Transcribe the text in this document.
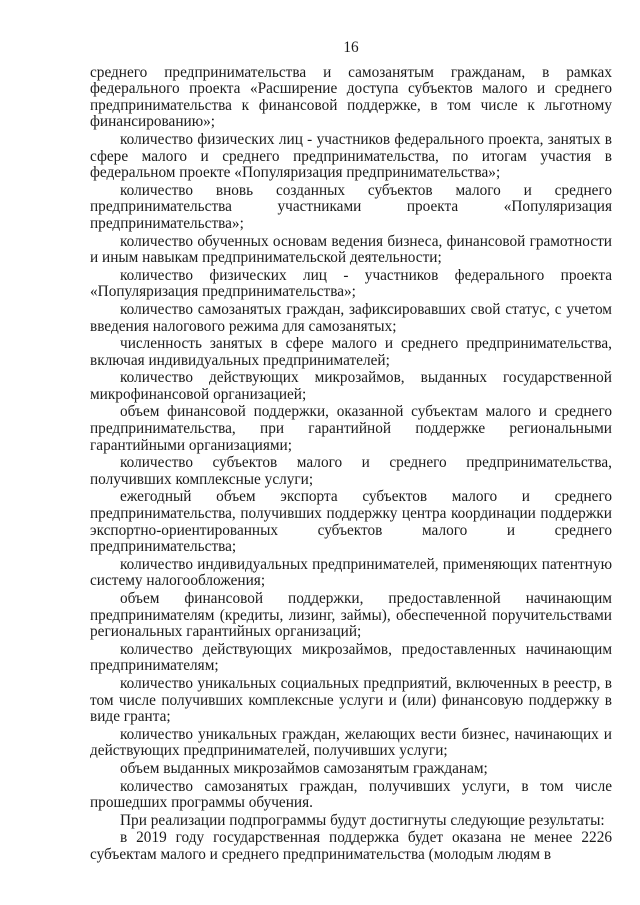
16

среднего предпринимательства и самозанятым гражданам, в рамках федерального проекта «Расширение доступа субъектов малого и среднего предпринимательства к финансовой поддержке, в том числе к льготному финансированию»;

количество физических лиц - участников федерального проекта, занятых в сфере малого и среднего предпринимательства, по итогам участия в федеральном проекте «Популяризация предпринимательства»;

количество вновь созданных субъектов малого и среднего предпринимательства участниками проекта «Популяризация предпринимательства»;

количество обученных основам ведения бизнеса, финансовой грамотности и иным навыкам предпринимательской деятельности;

количество физических лиц - участников федерального проекта «Популяризация предпринимательства»;

количество самозанятых граждан, зафиксировавших свой статус, с учетом введения налогового режима для самозанятых;

численность занятых в сфере малого и среднего предпринимательства, включая индивидуальных предпринимателей;

количество действующих микрозаймов, выданных государственной микрофинансовой организацией;

объем финансовой поддержки, оказанной субъектам малого и среднего предпринимательства, при гарантийной поддержке региональными гарантийными организациями;

количество субъектов малого и среднего предпринимательства, получивших комплексные услуги;

ежегодный объем экспорта субъектов малого и среднего предпринимательства, получивших поддержку центра координации поддержки экспортно-ориентированных субъектов малого и среднего предпринимательства;

количество индивидуальных предпринимателей, применяющих патентную систему налогообложения;

объем финансовой поддержки, предоставленной начинающим предпринимателям (кредиты, лизинг, займы), обеспеченной поручительствами региональных гарантийных организаций;

количество действующих микрозаймов, предоставленных начинающим предпринимателям;

количество уникальных социальных предприятий, включенных в реестр, в том числе получивших комплексные услуги и (или) финансовую поддержку в виде гранта;

количество уникальных граждан, желающих вести бизнес, начинающих и действующих предпринимателей, получивших услуги;

объем выданных микрозаймов самозанятым гражданам;

количество самозанятых граждан, получивших услуги, в том числе прошедших программы обучения.

При реализации подпрограммы будут достигнуты следующие результаты:

в 2019 году государственная поддержка будет оказана не менее 2226 субъектам малого и среднего предпринимательства (молодым людям в
